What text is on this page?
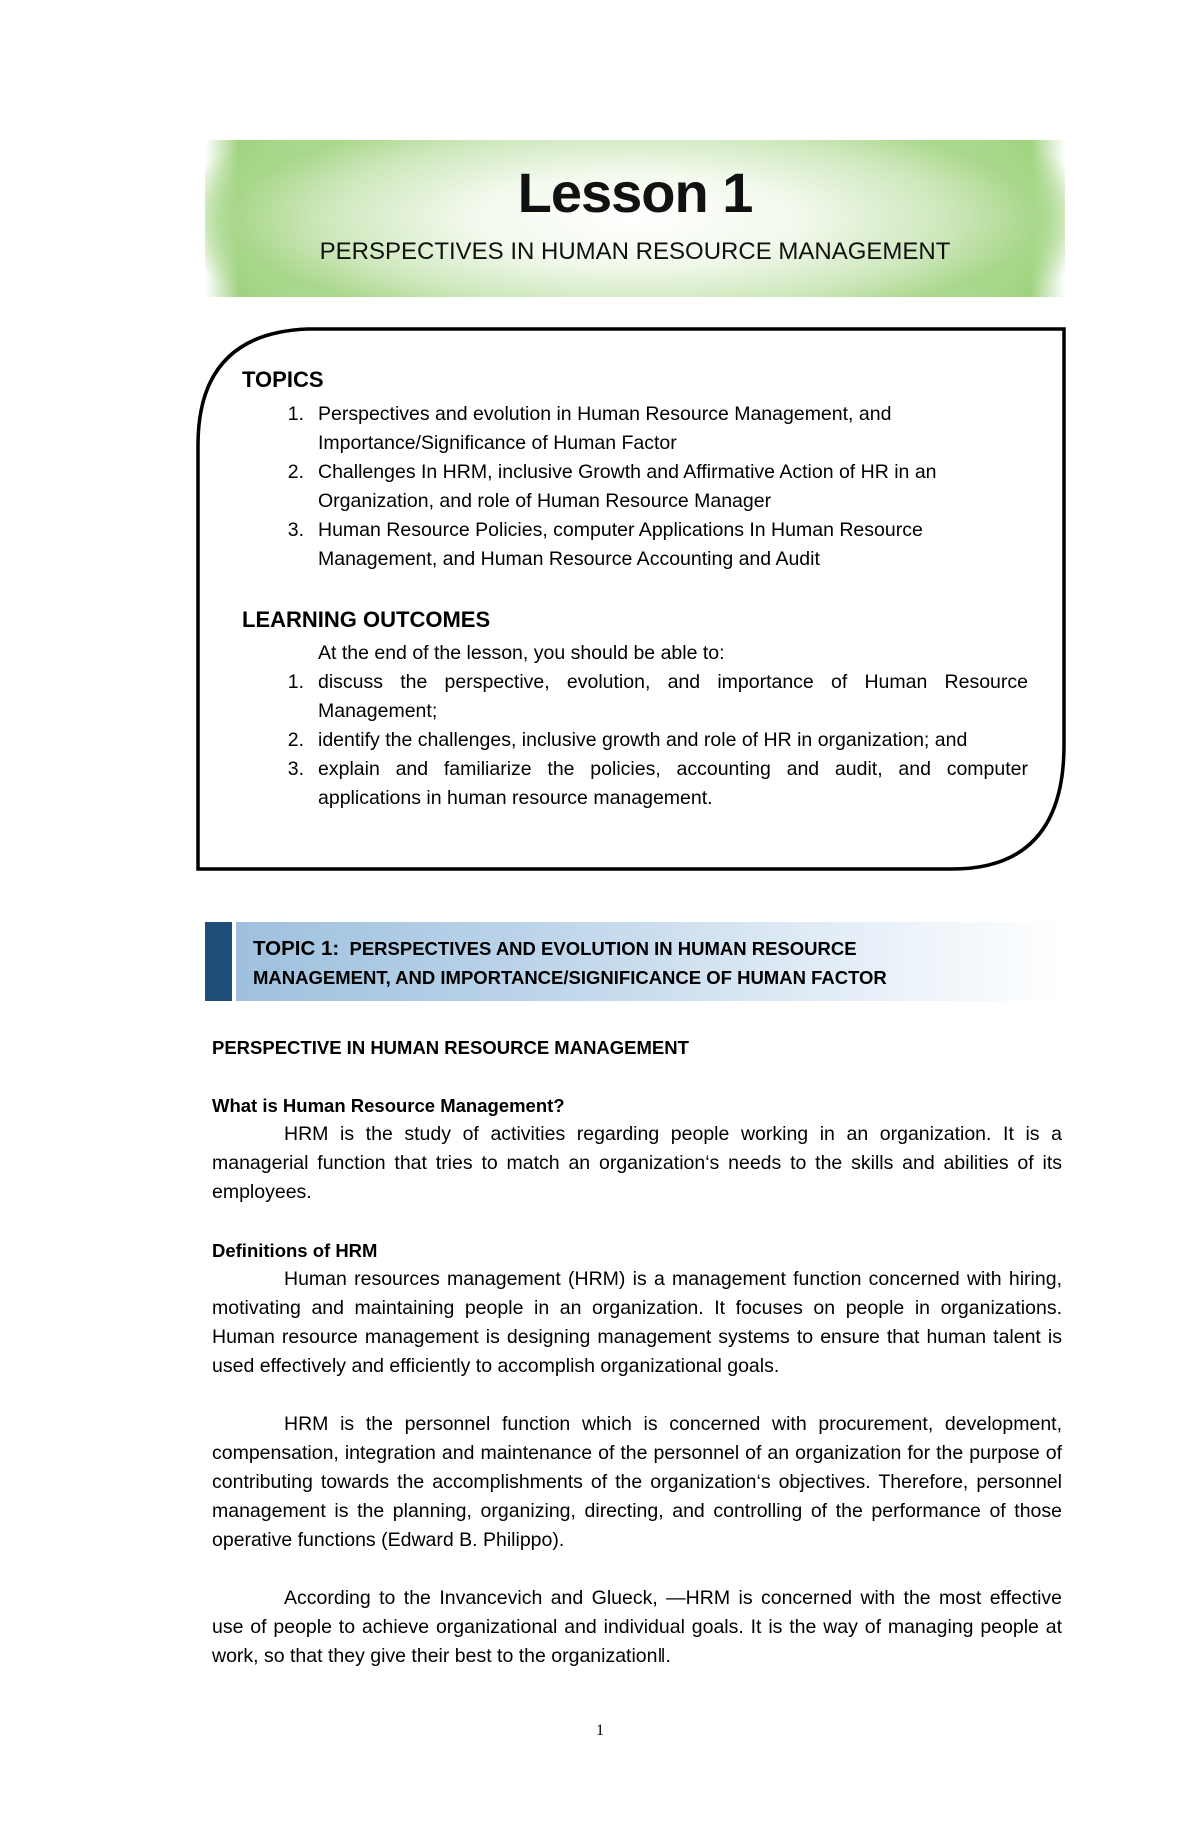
Lesson 1
PERSPECTIVES IN HUMAN RESOURCE MANAGEMENT
TOPICS
1. Perspectives and evolution in Human Resource Management, and
Importance/Significance of Human Factor
2. Challenges In HRM, inclusive Growth and Affirmative Action of HR in an
Organization, and role of Human Resource Manager
3. Human Resource Policies, computer Applications In Human Resource
Management, and Human Resource Accounting and Audit
LEARNING OUTCOMES
At the end of the lesson, you should be able to:
1. discuss the perspective, evolution, and importance of Human Resource Management;
2. identify the challenges, inclusive growth and role of HR in organization; and
3. explain and familiarize the policies, accounting and audit, and computer applications in human resource management.
TOPIC 1: PERSPECTIVES AND EVOLUTION IN HUMAN RESOURCE
MANAGEMENT, AND IMPORTANCE/SIGNIFICANCE OF HUMAN FACTOR
PERSPECTIVE IN HUMAN RESOURCE MANAGEMENT
What is Human Resource Management?
HRM is the study of activities regarding people working in an organization. It is a managerial function that tries to match an organization‘s needs to the skills and abilities of its employees.
Definitions of HRM
Human resources management (HRM) is a management function concerned with hiring, motivating and maintaining people in an organization. It focuses on people in organizations. Human resource management is designing management systems to ensure that human talent is used effectively and efficiently to accomplish organizational goals.
HRM is the personnel function which is concerned with procurement, development, compensation, integration and maintenance of the personnel of an organization for the purpose of contributing towards the accomplishments of the organization‘s objectives. Therefore, personnel management is the planning, organizing, directing, and controlling of the performance of those operative functions (Edward B. Philippo).
According to the Invancevich and Glueck, —HRM is concerned with the most effective use of people to achieve organizational and individual goals. It is the way of managing people at work, so that they give their best to the organization‖.
1
